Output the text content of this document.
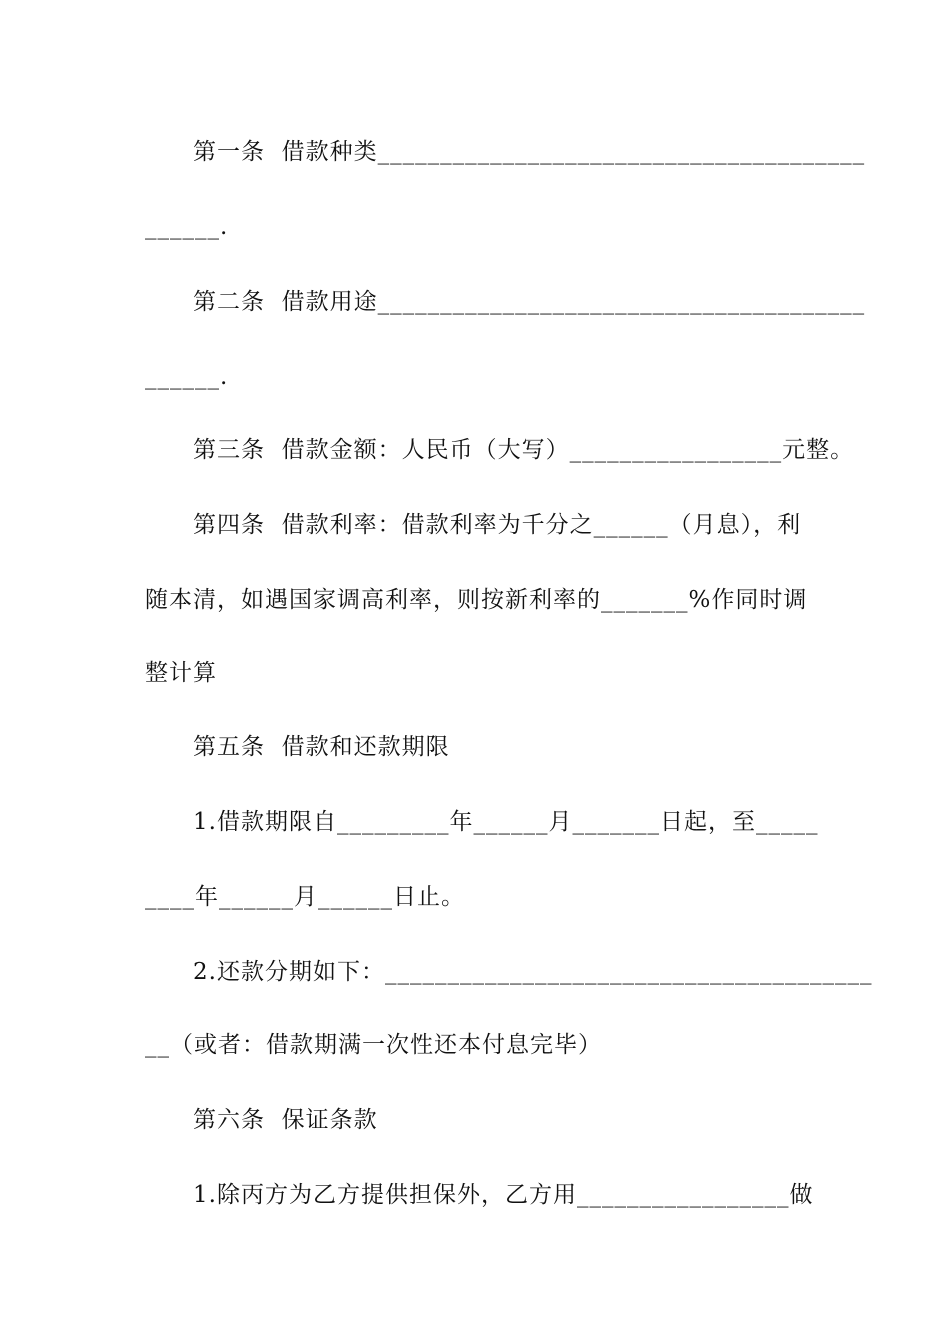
第一条  借款种类_______________________________________
______.
第二条  借款用途_______________________________________
______.
第三条  借款金额：人民币（大写）_________________元整。
第四条  借款利率：借款利率为千分之______（月息），利
随本清，如遇国家调高利率，则按新利率的_______%作同时调
整计算
第五条  借款和还款期限
1.借款期限自_________年______月_______日起，至_____
____年______月______日止。
2.还款分期如下：_______________________________________
__（或者：借款期满一次性还本付息完毕）
第六条  保证条款
1.除丙方为乙方提供担保外，乙方用_________________做
